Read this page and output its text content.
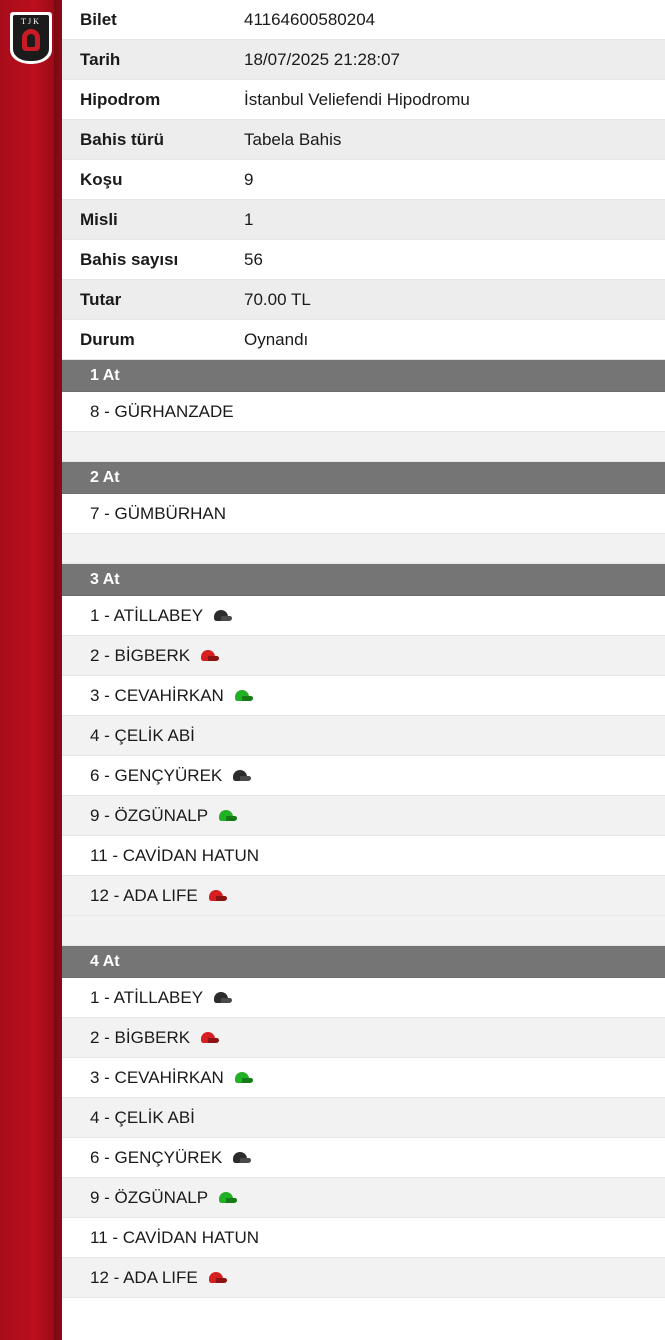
TJK	Bilet	41164600580204
Tarih	18/07/2025 21:28:07
Hipodrom	İstanbul Veliefendi Hipodromu
Bahis türü	Tabela Bahis
Koşu	9
Misli	1
Bahis sayısı	56
Tutar	70.00 TL
Durum	Oynandı
1 At
8 - GÜRHANZADE
2 At
7 - GÜMBÜRHAN
3 At
1 - ATİLLABEY
2 - BİGBERK
3 - CEVAHİRKAN
4 - ÇELİK ABİ
6 - GENÇYÜREK
9 - ÖZGÜNALP
11 - CAVİDAN HATUN
12 - ADA LIFE
4 At
1 - ATİLLABEY
2 - BİGBERK
3 - CEVAHİRKAN
4 - ÇELİK ABİ
6 - GENÇYÜREK
9 - ÖZGÜNALP
11 - CAVİDAN HATUN
12 - ADA LIFE
